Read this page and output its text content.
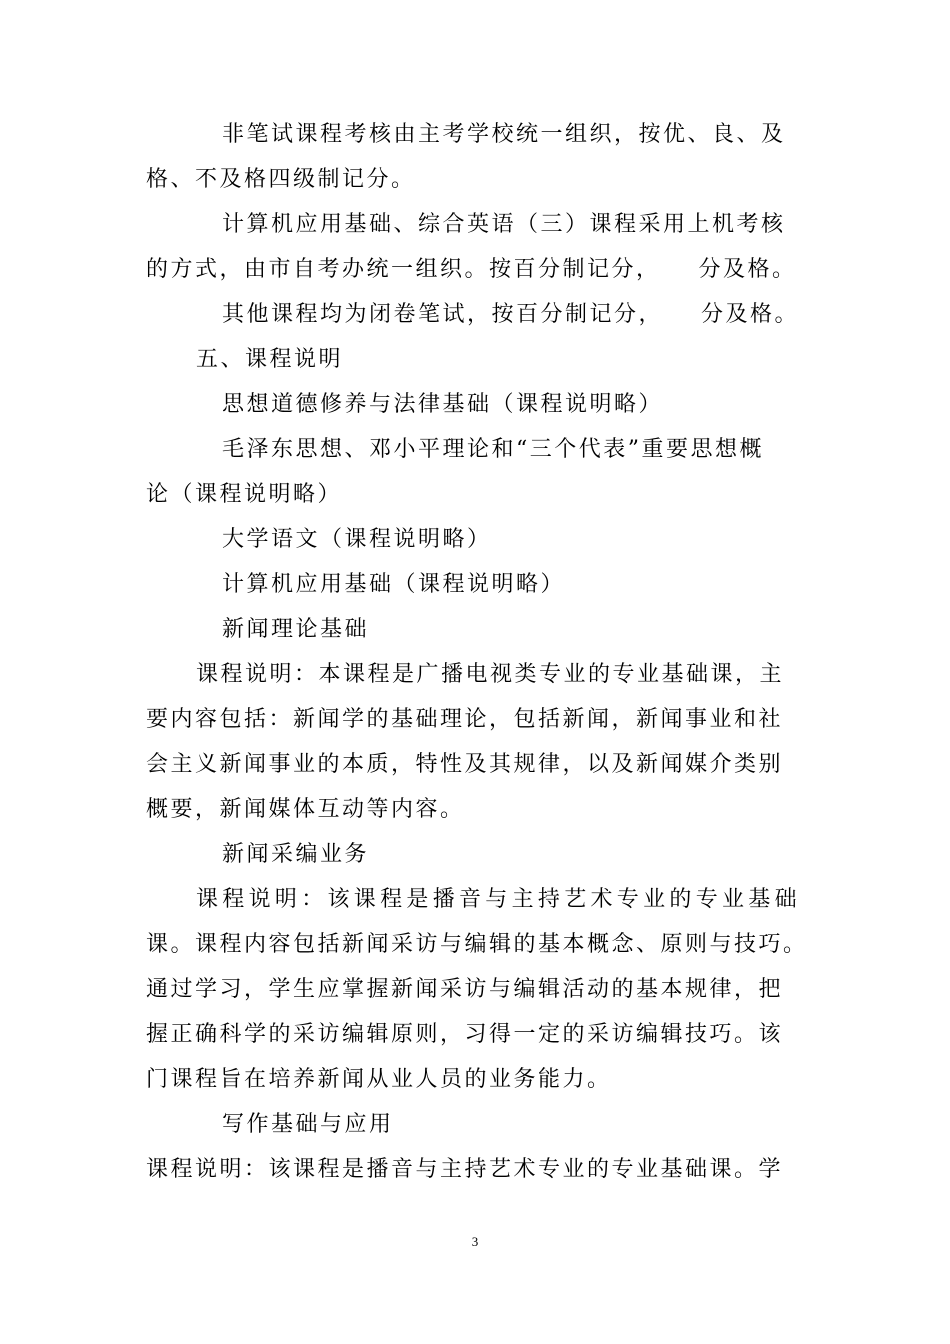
非笔试课程考核由主考学校统一组织，按优、良、及
格、不及格四级制记分。
计算机应用基础、综合英语（三）课程采用上机考核
的方式，由市自考办统一组织。按百分制记分，　　分及格。
其他课程均为闭卷笔试，按百分制记分，　　分及格。
五、课程说明
思想道德修养与法律基础（课程说明略）
毛泽东思想、邓小平理论和“三个代表”重要思想概
论（课程说明略）
大学语文（课程说明略）
计算机应用基础（课程说明略）
新闻理论基础
课程说明：本课程是广播电视类专业的专业基础课，主
要内容包括：新闻学的基础理论，包括新闻，新闻事业和社
会主义新闻事业的本质，特性及其规律，以及新闻媒介类别
概要，新闻媒体互动等内容。
新闻采编业务
课程说明：该课程是播音与主持艺术专业的专业基础
课。课程内容包括新闻采访与编辑的基本概念、原则与技巧。
通过学习，学生应掌握新闻采访与编辑活动的基本规律，把
握正确科学的采访编辑原则，习得一定的采访编辑技巧。该
门课程旨在培养新闻从业人员的业务能力。
写作基础与应用
课程说明：该课程是播音与主持艺术专业的专业基础课。学
3
